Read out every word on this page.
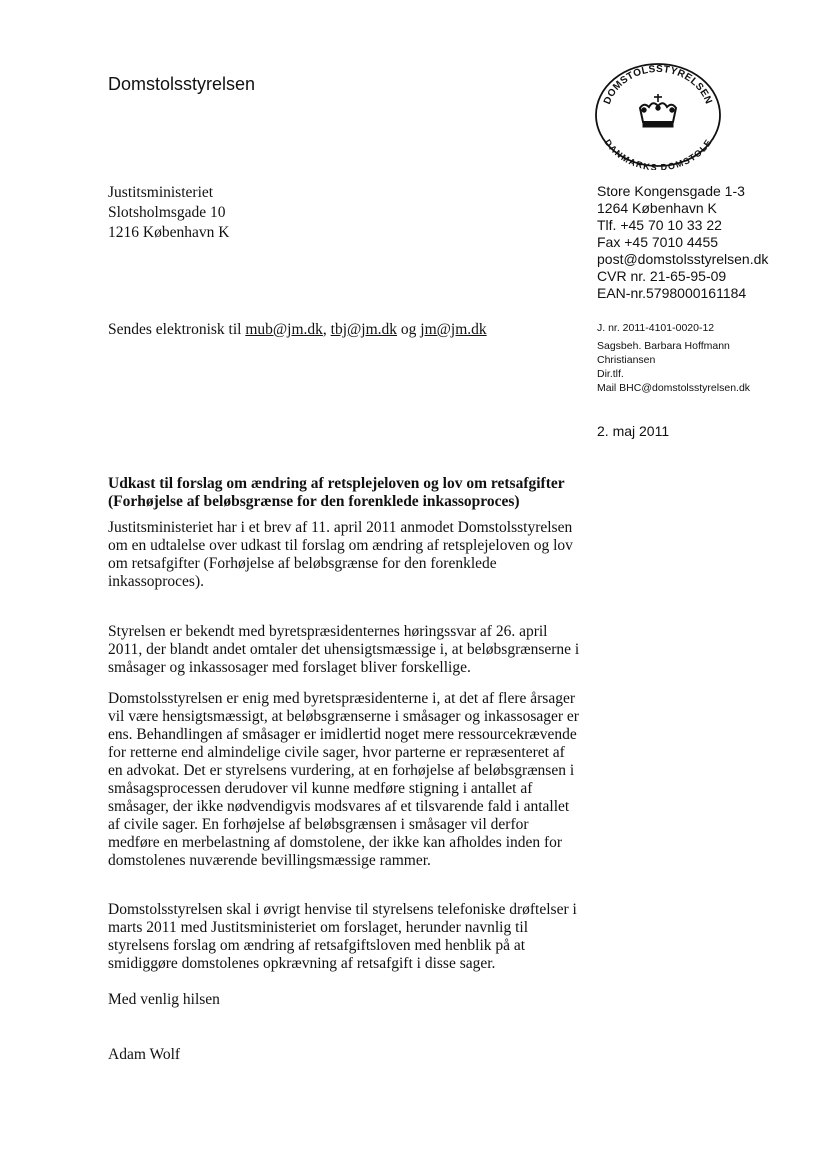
Domstolsstyrelsen
DOMSTOLSSTYRELSEN
DANMARKS DOMSTOLE
Justitsministeriet
Slotsholmsgade 10
1216 København K
Store Kongensgade 1-3
1264 København K
Tlf. +45 70 10 33 22
Fax +45 7010 4455
post@domstolsstyrelsen.dk
CVR nr. 21-65-95-09
EAN-nr.5798000161184
Sendes elektronisk til mub@jm.dk, tbj@jm.dk og jm@jm.dk	J. nr. 2011-4101-0020-12
Sagsbeh. Barbara Hoffmann
Christiansen
Dir.tlf.
Mail BHC@domstolsstyrelsen.dk
2. maj 2011
Udkast til forslag om ændring af retsplejeloven og lov om retsafgifter
(Forhøjelse af beløbsgrænse for den forenklede inkassoproces)
Justitsministeriet har i et brev af 11. april 2011 anmodet Domstolsstyrelsen
om en udtalelse over udkast til forslag om ændring af retsplejeloven og lov
om retsafgifter (Forhøjelse af beløbsgrænse for den forenklede
inkassoproces).
Styrelsen er bekendt med byretspræsidenternes høringssvar af 26. april
2011, der blandt andet omtaler det uhensigtsmæssige i, at beløbsgrænserne i
småsager og inkassosager med forslaget bliver forskellige.
Domstolsstyrelsen er enig med byretspræsidenterne i, at det af flere årsager
vil være hensigtsmæssigt, at beløbsgrænserne i småsager og inkassosager er
ens. Behandlingen af småsager er imidlertid noget mere ressourcekrævende
for retterne end almindelige civile sager, hvor parterne er repræsenteret af
en advokat. Det er styrelsens vurdering, at en forhøjelse af beløbsgrænsen i
småsagsprocessen derudover vil kunne medføre stigning i antallet af
småsager, der ikke nødvendigvis modsvares af et tilsvarende fald i antallet
af civile sager. En forhøjelse af beløbsgrænsen i småsager vil derfor
medføre en merbelastning af domstolene, der ikke kan afholdes inden for
domstolenes nuværende bevillingsmæssige rammer.
Domstolsstyrelsen skal i øvrigt henvise til styrelsens telefoniske drøftelser i
marts 2011 med Justitsministeriet om forslaget, herunder navnlig til
styrelsens forslag om ændring af retsafgiftsloven med henblik på at
smidiggøre domstolenes opkrævning af retsafgift i disse sager.
Med venlig hilsen
Adam Wolf
